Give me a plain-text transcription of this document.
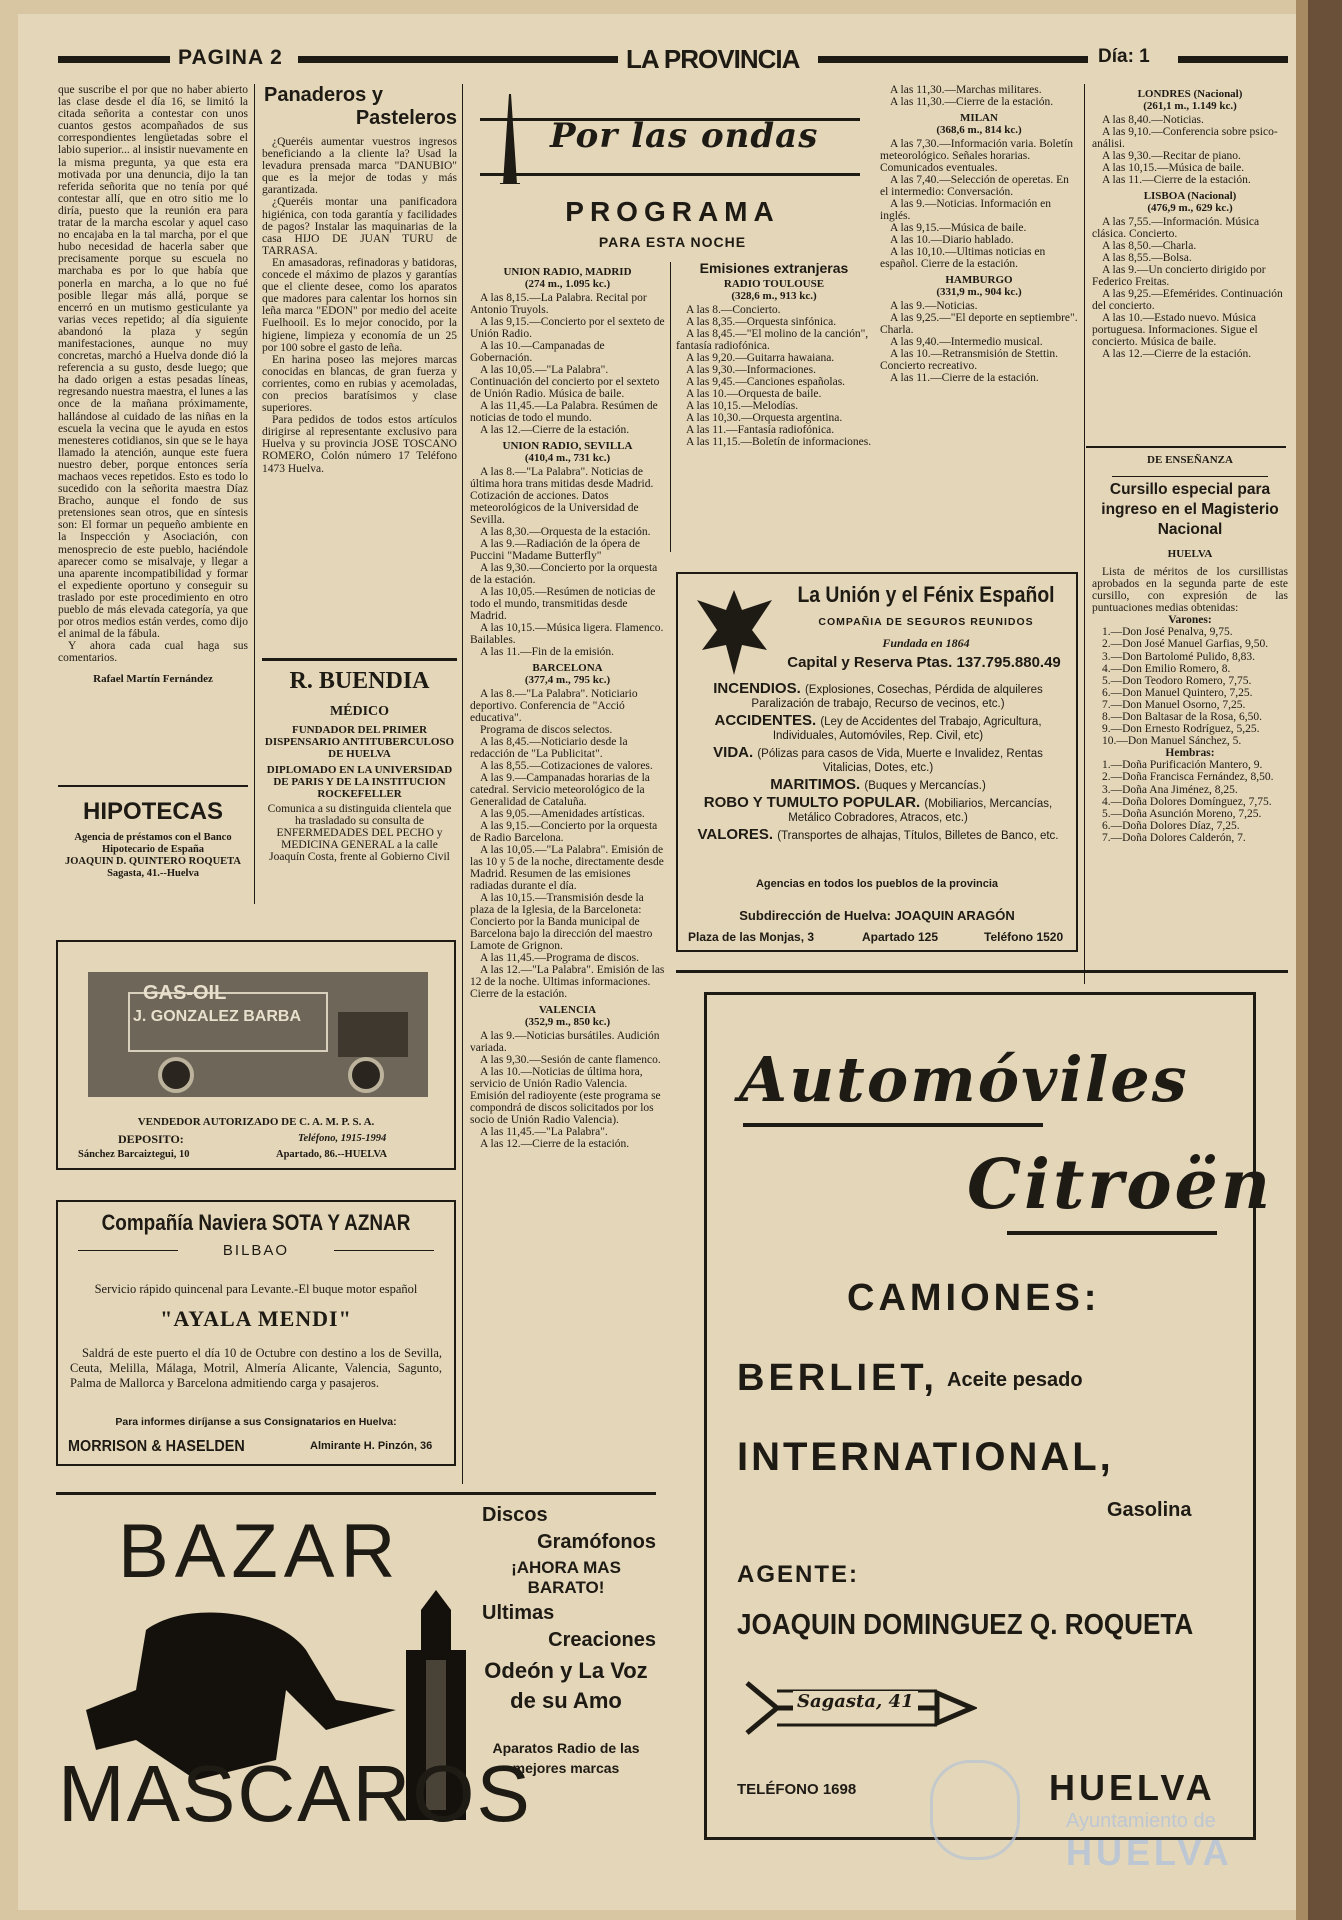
PAGINA 2	LA PROVINCIA	Día: 1
que suscribe el por que no haber abierto las clase desde el día 16, se limitó la citada señorita a contestar con unos cuantos gestos acompañados de sus correspondientes lengüetadas sobre el labio superior... al insistir nuevamente en la misma pregunta, ya que esta era motivada por una denuncia, dijo la tan referida señorita que no tenía por qué contestar allí, que en otro sitio me lo diría, puesto que la reunión era para tratar de la marcha escolar y aquel caso no encajaba en la tal marcha, por el que hubo necesidad de hacerla saber que precisamente porque su escuela no marchaba es por lo que había que ponerla en marcha, a lo que no fué posible llegar más allá, porque se encerró en un mutismo gesticulante ya varias veces repetido; al día siguiente abandonó la plaza y según manifestaciones, aunque no muy concretas, marchó a Huelva donde dió la referencia a su gusto, desde luego; que ha dado origen a estas pesadas líneas, regresando nuestra maestra, el lunes a las once de la mañana próximamente, hallándose al cuidado de las niñas en la escuela la vecina que le ayuda en estos menesteres cotidianos, sin que se le haya llamado la atención, aunque este fuera nuestro deber, porque entonces sería machaos veces repetidos. Esto es todo lo sucedido con la señorita maestra Díaz Bracho, aunque el fondo de sus pretensiones sean otros, que en síntesis son: El formar un pequeño ambiente en la Inspección y Asociación, con menosprecio de este pueblo, haciéndole aparecer como se misalvaje, y llegar a una aparente incompatibilidad y formar el expediente oportuno y conseguir su traslado por este procedimiento en otro pueblo de más elevada categoría, ya que por otros medios están verdes, como dijo el animal de la fábula.
Y ahora cada cual haga sus comentarios.
Rafael Martín Fernández
HIPOTECAS
Agencia de préstamos con el Banco Hipotecario de España
JOAQUIN D. QUINTERO ROQUETA
Sagasta, 41.--Huelva
Panaderos y
Pasteleros
¿Queréis aumentar vuestros ingresos beneficiando a la cliente la? Usad la levadura prensada marca "DANUBIO" que es la mejor de todas y más garantizada.
¿Queréis montar una panificadora higiénica, con toda garantía y facilidades de pagos? Instalar las maquinarias de la casa HIJO DE JUAN TURU de TARRASA.
En amasadoras, refinadoras y batidoras, concede el máximo de plazos y garantías que el cliente desee, como los aparatos que madores para calentar los hornos sin leña marca "EDON" por medio del aceite Fuelhooil. Es lo mejor conocido, por la higiene, limpieza y economía de un 25 por 100 sobre el gasto de leña.
En harina poseo las mejores marcas conocidas en blancas, de gran fuerza y corrientes, como en rubias y acemoladas, con precios baratísimos y clase superiores.
Para pedidos de todos estos artículos dirigirse al representante exclusivo para Huelva y su provincia JOSE TOSCANO ROMERO, Colón número 17 Teléfono 1473 Huelva.
R. BUENDIA
MÉDICO
FUNDADOR DEL PRIMER DISPENSARIO ANTITUBERCULOSO DE HUELVA
DIPLOMADO EN LA UNIVERSIDAD DE PARIS Y DE LA INSTITUCION ROCKEFELLER
Comunica a su distinguida clientela que ha trasladado su consulta de ENFERMEDADES DEL PECHO y MEDICINA GENERAL a la calle Joaquín Costa, frente al Gobierno Civil
GAS-OIL
J. GONZALEZ BARBA
VENDEDOR AUTORIZADO DE C. A. M. P. S. A.
DEPOSITO:	Teléfono, 1915-1994
Sánchez Barcaiztegui, 10	Apartado, 86.--HUELVA
Compañía Naviera SOTA Y AZNAR
BILBAO
Servicio rápido quincenal para Levante.-El buque motor español
"AYALA MENDI"
Saldrá de este puerto el día 10 de Octubre con destino a los de Sevilla, Ceuta, Melilla, Málaga, Motril, Almería Alicante, Valencia, Sagunto, Palma de Mallorca y Barcelona admitiendo carga y pasajeros.
Para informes diríjanse a sus Consignatarios en Huelva:
MORRISON & HASELDEN	Almirante H. Pinzón, 36
BAZAR
MASCAROS
Discos
Gramófonos
¡AHORA MAS BARATO!
Ultimas
Creaciones
Odeón y La Voz
de su Amo
Aparatos Radio de las
mejores marcas
Por las ondas
PROGRAMA
PARA ESTA NOCHE
UNION RADIO, MADRID
(274 m., 1.095 kc.)
A las 8,15.—La Palabra. Recital por Antonio Truyols.
A las 9,15.—Concierto por el sexteto de Unión Radio.
A las 10.—Campanadas de Gobernación.
A las 10,05.—"La Palabra". Continuación del concierto por el sexteto de Unión Radio. Música de baile.
A las 11,45.—La Palabra. Resúmen de noticias de todo el mundo.
A las 12.—Cierre de la estación.
UNION RADIO, SEVILLA
(410,4 m., 731 kc.)
A las 8.—"La Palabra". Noticias de última hora trans mitidas desde Madrid. Cotización de acciones. Datos meteorológicos de la Universidad de Sevilla.
A las 8,30.—Orquesta de la estación.
A las 9.—Radiación de la ópera de Puccini "Madame Butterfly"
A las 9,30.—Concierto por la orquesta de la estación.
A las 10,05.—Resúmen de noticias de todo el mundo, transmitidas desde Madrid.
A las 10,15.—Música ligera. Flamenco. Bailables.
A las 11.—Fin de la emisión.
BARCELONA
(377,4 m., 795 kc.)
A las 8.—"La Palabra". Noticiario deportivo. Conferencia de "Acció educativa".
Programa de discos selectos.
A las 8,45.—Noticiario desde la redacción de "La Publicitat".
A las 8,55.—Cotizaciones de valores.
A las 9.—Campanadas horarias de la catedral. Servicio meteorológico de la Generalidad de Cataluña.
A las 9,05.—Amenidades artísticas.
A las 9,15.—Concierto por la orquesta de Radio Barcelona.
A las 10,05.—"La Palabra". Emisión de las 10 y 5 de la noche, directamente desde Madrid. Resumen de las emisiones radiadas durante el día.
A las 10,15.—Transmisión desde la plaza de la Iglesia, de la Barceloneta: Concierto por la Banda municipal de Barcelona bajo la dirección del maestro Lamote de Grignon.
A las 11,45.—Programa de discos.
A las 12.—"La Palabra". Emisión de las 12 de la noche. Ultimas informaciones. Cierre de la estación.
VALENCIA
(352,9 m., 850 kc.)
A las 9.—Noticias bursátiles. Audición variada.
A las 9,30.—Sesión de cante flamenco.
A las 10.—Noticias de última hora, servicio de Unión Radio Valencia. Emisión del radioyente (este programa se compondrá de discos solicitados por los socio de Unión Radio Valencia).
A las 11,45.—"La Palabra".
A las 12.—Cierre de la estación.
Emisiones extranjeras
RADIO TOULOUSE
(328,6 m., 913 kc.)
A las 8.—Concierto.
A las 8,35.—Orquesta sinfónica.
A las 8,45.—"El molino de la canción", fantasía radiofónica.
A las 9,20.—Guitarra hawaiana.
A las 9,30.—Informaciones.
A las 9,45.—Canciones españolas.
A las 10.—Orquesta de baile.
A las 10,15.—Melodías.
A las 10,30.—Orquesta argentina.
A las 11.—Fantasía radiofónica.
A las 11,15.—Boletín de informaciones.
A las 11,30.—Marchas militares.
A las 11,30.—Cierre de la estación.
MILAN
(368,6 m., 814 kc.)
A las 7,30.—Información varia. Boletín meteorológico. Señales horarias. Comunicados eventuales.
A las 7,40.—Selección de operetas. En el intermedio: Conversación.
A las 9.—Noticias. Información en inglés.
A las 9,15.—Música de baile.
A las 10.—Diario hablado.
A las 10,10.—Ultimas noticias en español. Cierre de la estación.
HAMBURGO
(331,9 m., 904 kc.)
A las 9.—Noticias.
A las 9,25.—"El deporte en septiembre". Charla.
A las 9,40.—Intermedio musical.
A las 10.—Retransmisión de Stettin. Concierto recreativo.
A las 11.—Cierre de la estación.
LONDRES (Nacional)
(261,1 m., 1.149 kc.)
A las 8,40.—Noticias.
A las 9,10.—Conferencia sobre psico-análisi.
A las 9,30.—Recitar de piano.
A las 10,15.—Música de baile.
A las 11.—Cierre de la estación.
LISBOA (Nacional)
(476,9 m., 629 kc.)
A las 7,55.—Información. Música clásica. Concierto.
A las 8,50.—Charla.
A las 8,55.—Bolsa.
A las 9.—Un concierto dirigido por Federico Freitas.
A las 9,25.—Efemérides. Continuación del concierto.
A las 10.—Estado nuevo. Música portuguesa. Informaciones. Sigue el concierto. Música de baile.
A las 12.—Cierre de la estación.
La Unión y el Fénix Español
COMPAÑIA DE SEGUROS REUNIDOS
Fundada en 1864
Capital y Reserva Ptas. 137.795.880.49
INCENDIOS. (Explosiones, Cosechas, Pérdida de alquileres Paralización de trabajo, Recurso de vecinos, etc.)
ACCIDENTES. (Ley de Accidentes del Trabajo, Agricultura, Individuales, Automóviles, Rep. Civil, etc)
VIDA. (Pólizas para casos de Vida, Muerte e Invalidez, Rentas Vitalicias, Dotes, etc.)
MARITIMOS. (Buques y Mercancías.)
ROBO Y TUMULTO POPULAR. (Mobiliarios, Mercancías, Metálico Cobradores, Atracos, etc.)
VALORES. (Transportes de alhajas, Títulos, Billetes de Banco, etc.
Agencias en todos los pueblos de la provincia
Subdirección de Huelva: JOAQUIN ARAGÓN
Plaza de las Monjas, 3	Apartado 125	Teléfono 1520
DE ENSEÑANZA
Cursillo especial para ingreso en el Magisterio Nacional
HUELVA
Lista de méritos de los cursillistas aprobados en la segunda parte de este cursillo, con expresión de las puntuaciones medias obtenidas:
Varones:
1.—Don José Penalva, 9,75.
2.—Don José Manuel Garfias, 9,50.
3.—Don Bartolomé Pulido, 8,83.
4.—Don Emilio Romero, 8.
5.—Don Teodoro Romero, 7,75.
6.—Don Manuel Quintero, 7,25.
7.—Don Manuel Osorno, 7,25.
8.—Don Baltasar de la Rosa, 6,50.
9.—Don Ernesto Rodríguez, 5,25.
10.—Don Manuel Sánchez, 5.
Hembras:
1.—Doña Purificación Mantero, 9.
2.—Doña Francisca Fernández, 8,50.
3.—Doña Ana Jiménez, 8,25.
4.—Doña Dolores Domínguez, 7,75.
5.—Doña Asunción Moreno, 7,25.
6.—Doña Dolores Díaz, 7,25.
7.—Doña Dolores Calderón, 7.
Automóviles
Citroën
CAMIONES:
BERLIET, Aceite pesado
INTERNATIONAL,
Gasolina
AGENTE:
JOAQUIN DOMINGUEZ Q. ROQUETA
Sagasta, 41
TELÉFONO 1698	HUELVA
Ayuntamiento de
HUELVA
